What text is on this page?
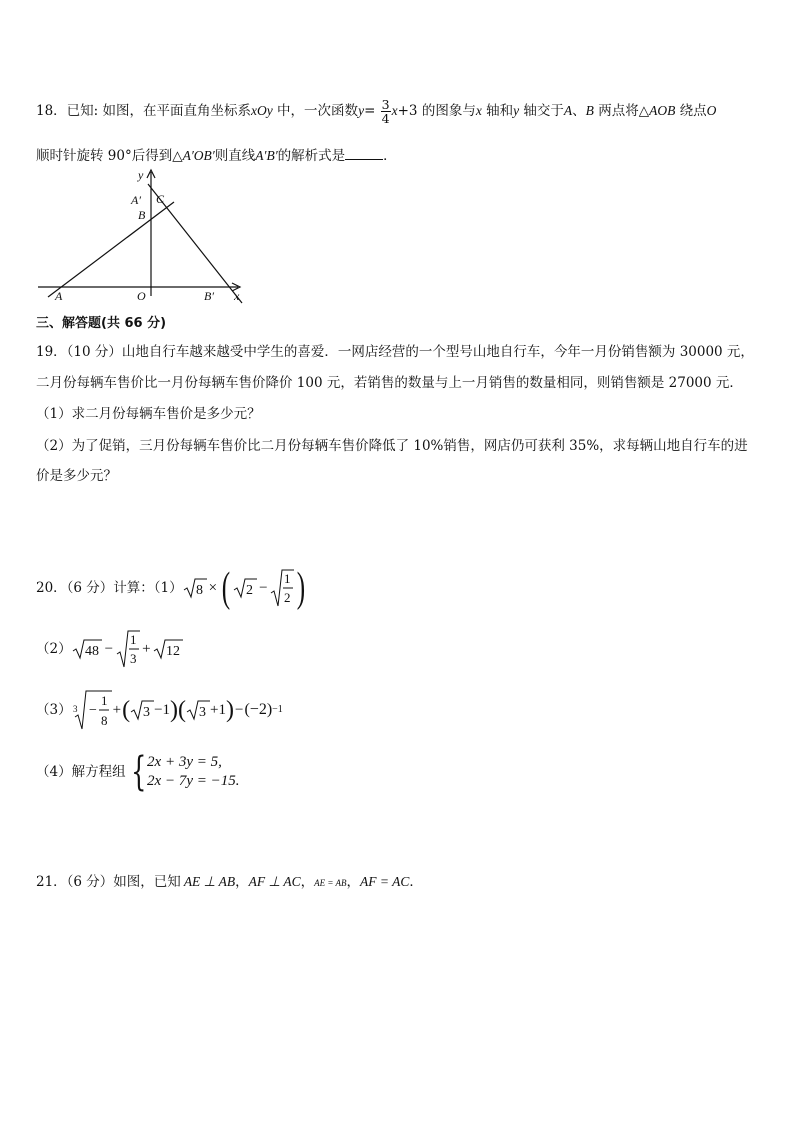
18．已知: 如图，在平面直角坐标系xOy 中，一次函数$y= \frac{3}{4} x+3$ 的图象与x 轴和y 轴交于A、B 两点将△AOB 绕点O
顺时针旋转 90°后得到△A′OB′则直线A′B′的解析式是	．
y
x
A	O
B
A′
B′
C
三、解答题(共 66 分)
19．（10 分）山地自行车越来越受中学生的喜爱．一网店经营的一个型号山地自行车，今年一月份销售额为 30000 元，
二月份每辆车售价比一月份每辆车售价降价 100 元，若销售的数量与上一月销售的数量相同，则销售额是 27000 元．
（1）求二月份每辆车售价是多少元？
（2）为了促销，三月份每辆车售价比二月份每辆车售价降低了 10%销售，网店仍可获利 35%，求每辆山地自行车的进
价是多少元？
20．（6 分）计算：（1） 8 × ( 2 −
1
2 )
（2） 48 −
1
3
+ 12
（3） 3 −
1
8
+ ( 3 −1 ) ( 3 +1 ) − (−2) −1
（4）解方程组 { 2x + 3y = 5,
2x − 7y = −15.
21．（6 分）如图，已知 AE ⊥ AB，AF ⊥ AC，AE = AB，AF = AC．
